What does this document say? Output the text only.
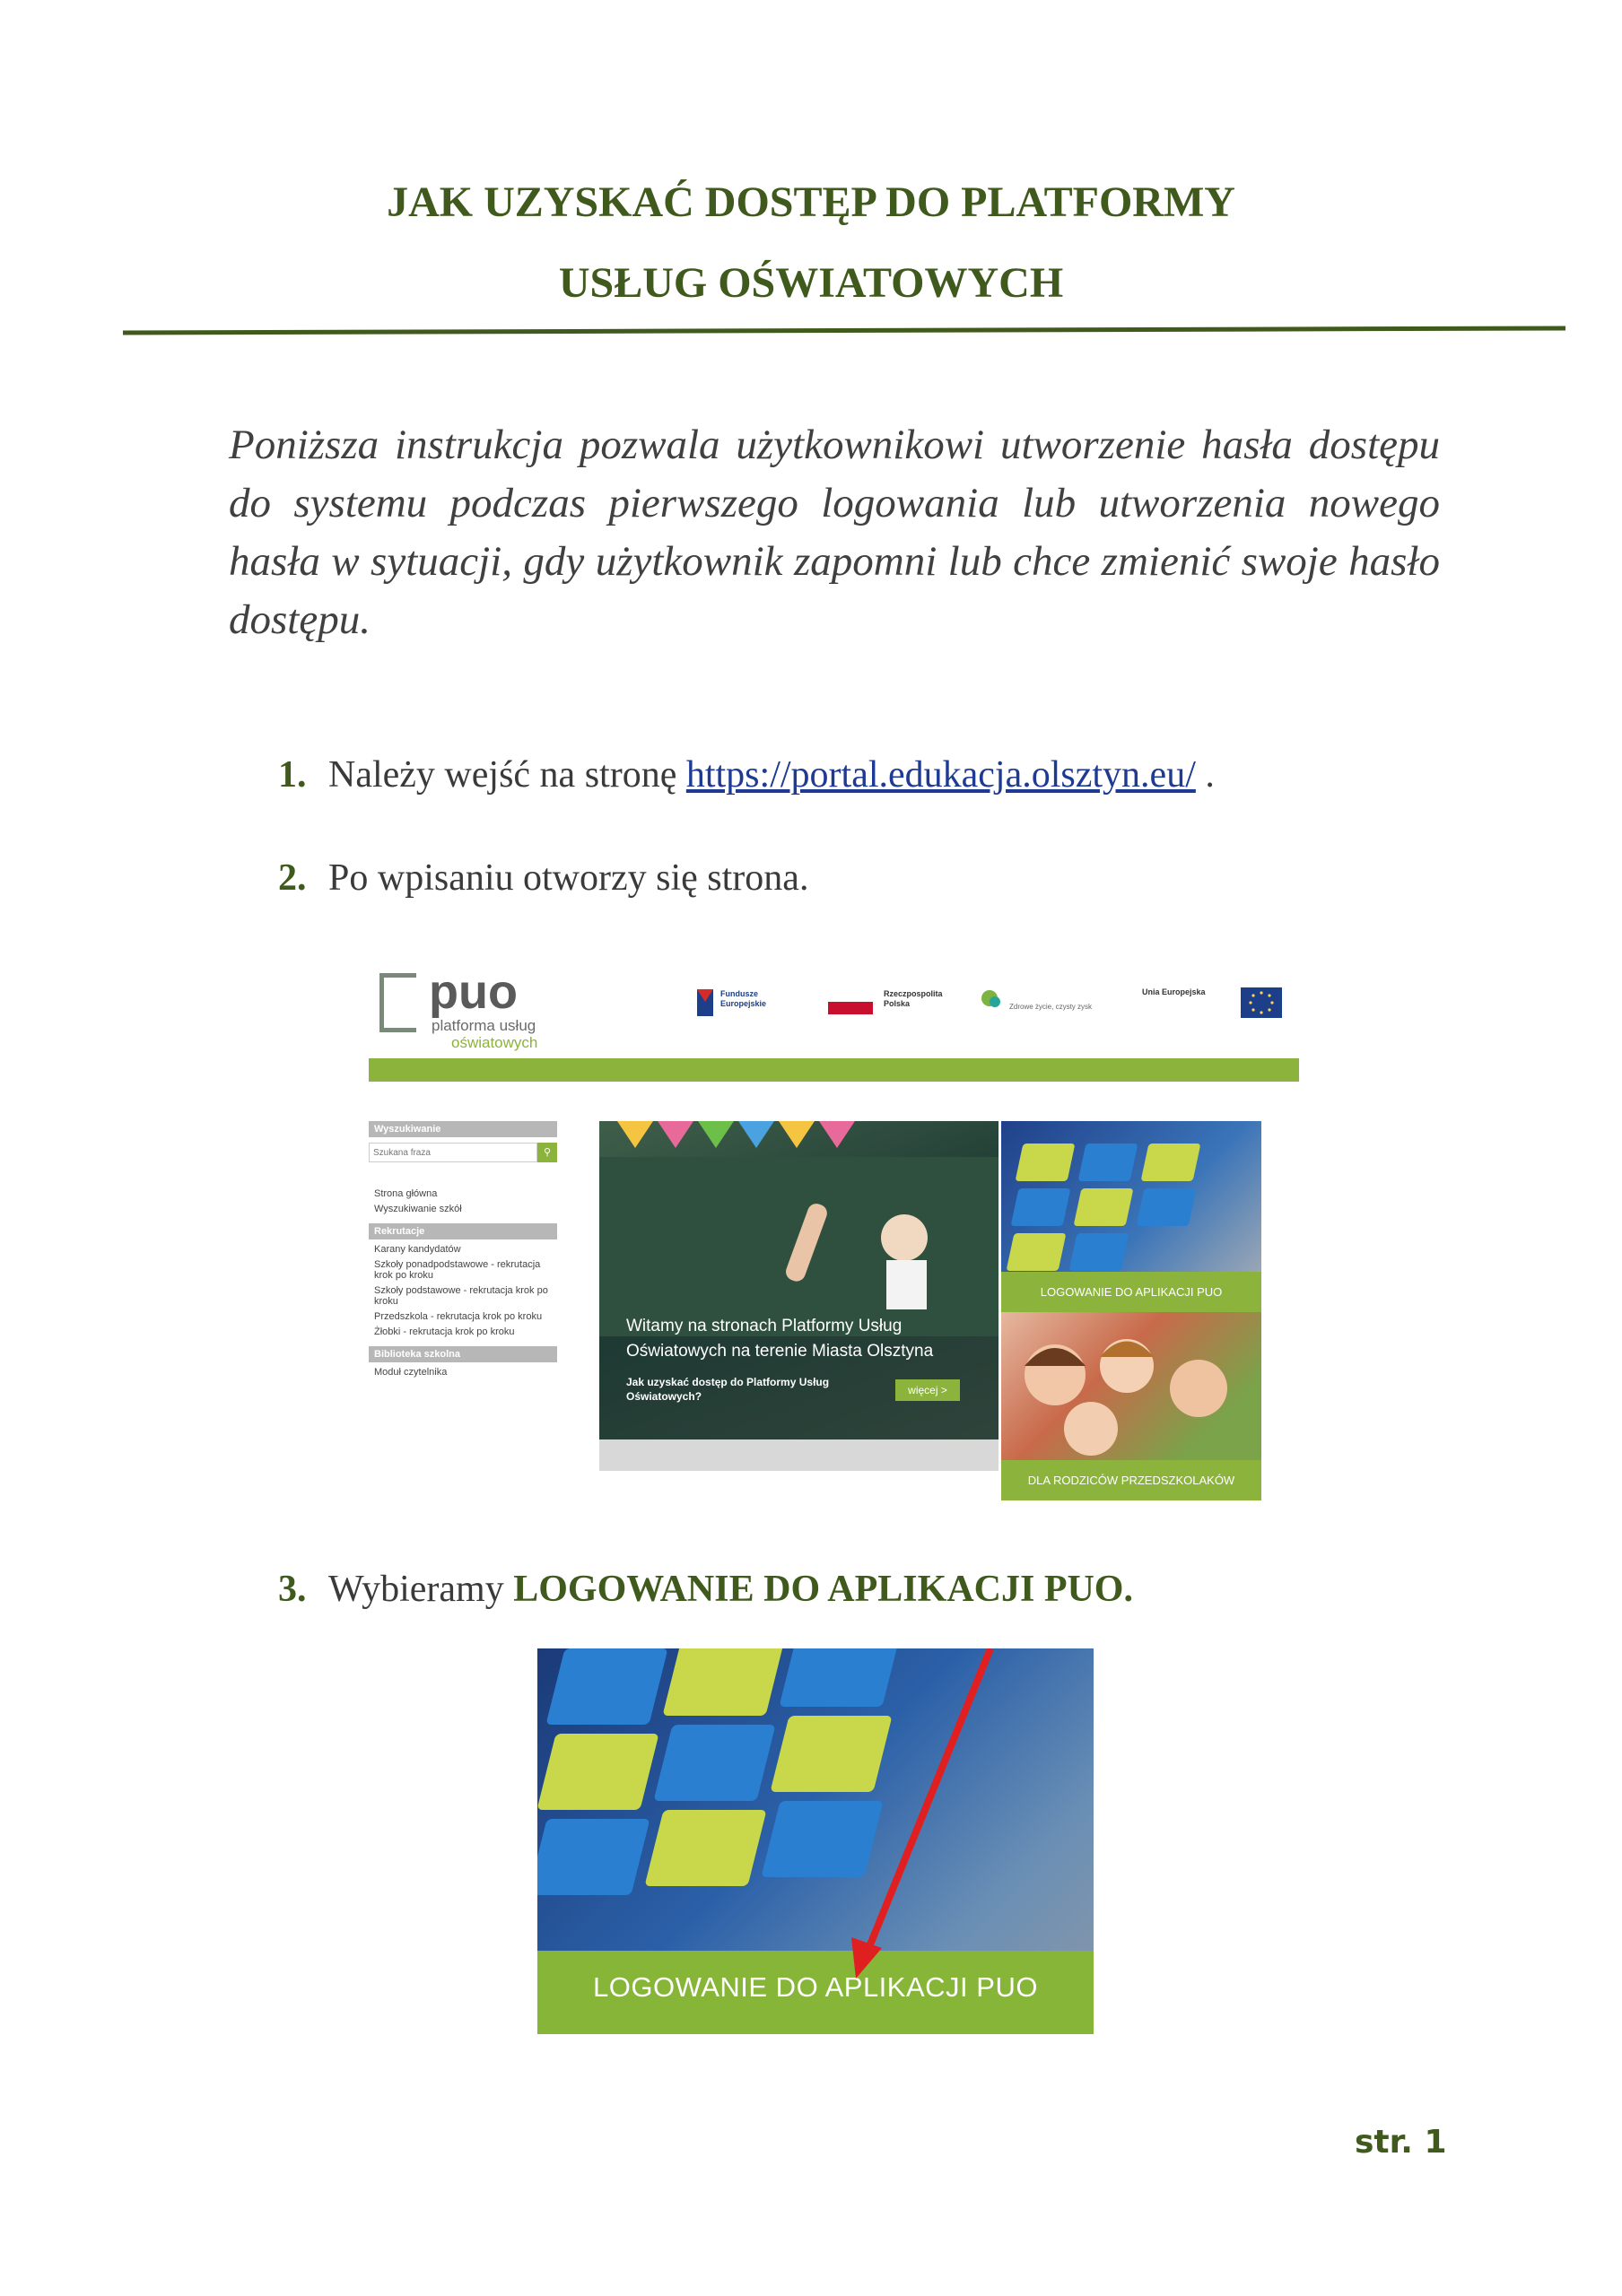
JAK UZYSKAĆ DOSTĘP DO PLATFORMY
USŁUG OŚWIATOWYCH
Poniższa instrukcja pozwala użytkownikowi utworzenie hasła dostępu do systemu podczas pierwszego logowania lub utworzenia nowego hasła w sytuacji, gdy użytkownik zapomni lub chce zmienić swoje hasło dostępu.
1. Należy wejść na stronę https://portal.edukacja.olsztyn.eu/ .
2. Po wpisaniu otworzy się strona.
puo
platforma usług
oświatowych
Fundusze
Europejskie
Rzeczpospolita
Polska	Zdrowe życie, czysty zysk
Unia Europejska
Wyszukiwanie
Szukana fraza
⚲
Strona główna
Wyszukiwanie szkół
Rekrutacje
Karany kandydatów
Szkoły ponadpodstawowe - rekrutacja krok po kroku
Szkoły podstawowe - rekrutacja krok po kroku
Przedszkola - rekrutacja krok po kroku
Żłobki - rekrutacja krok po kroku
Biblioteka szkolna
Moduł czytelnika
Witamy na stronach Platformy Usług Oświatowych na terenie Miasta Olsztyna
Jak uzyskać dostęp do Platformy Usług Oświatowych?	więcej >
LOGOWANIE DO APLIKACJI PUO
DLA RODZICÓW PRZEDSZKOLAKÓW
3. Wybieramy LOGOWANIE DO APLIKACJI PUO.
LOGOWANIE DO APLIKACJI PUO
str. 1
